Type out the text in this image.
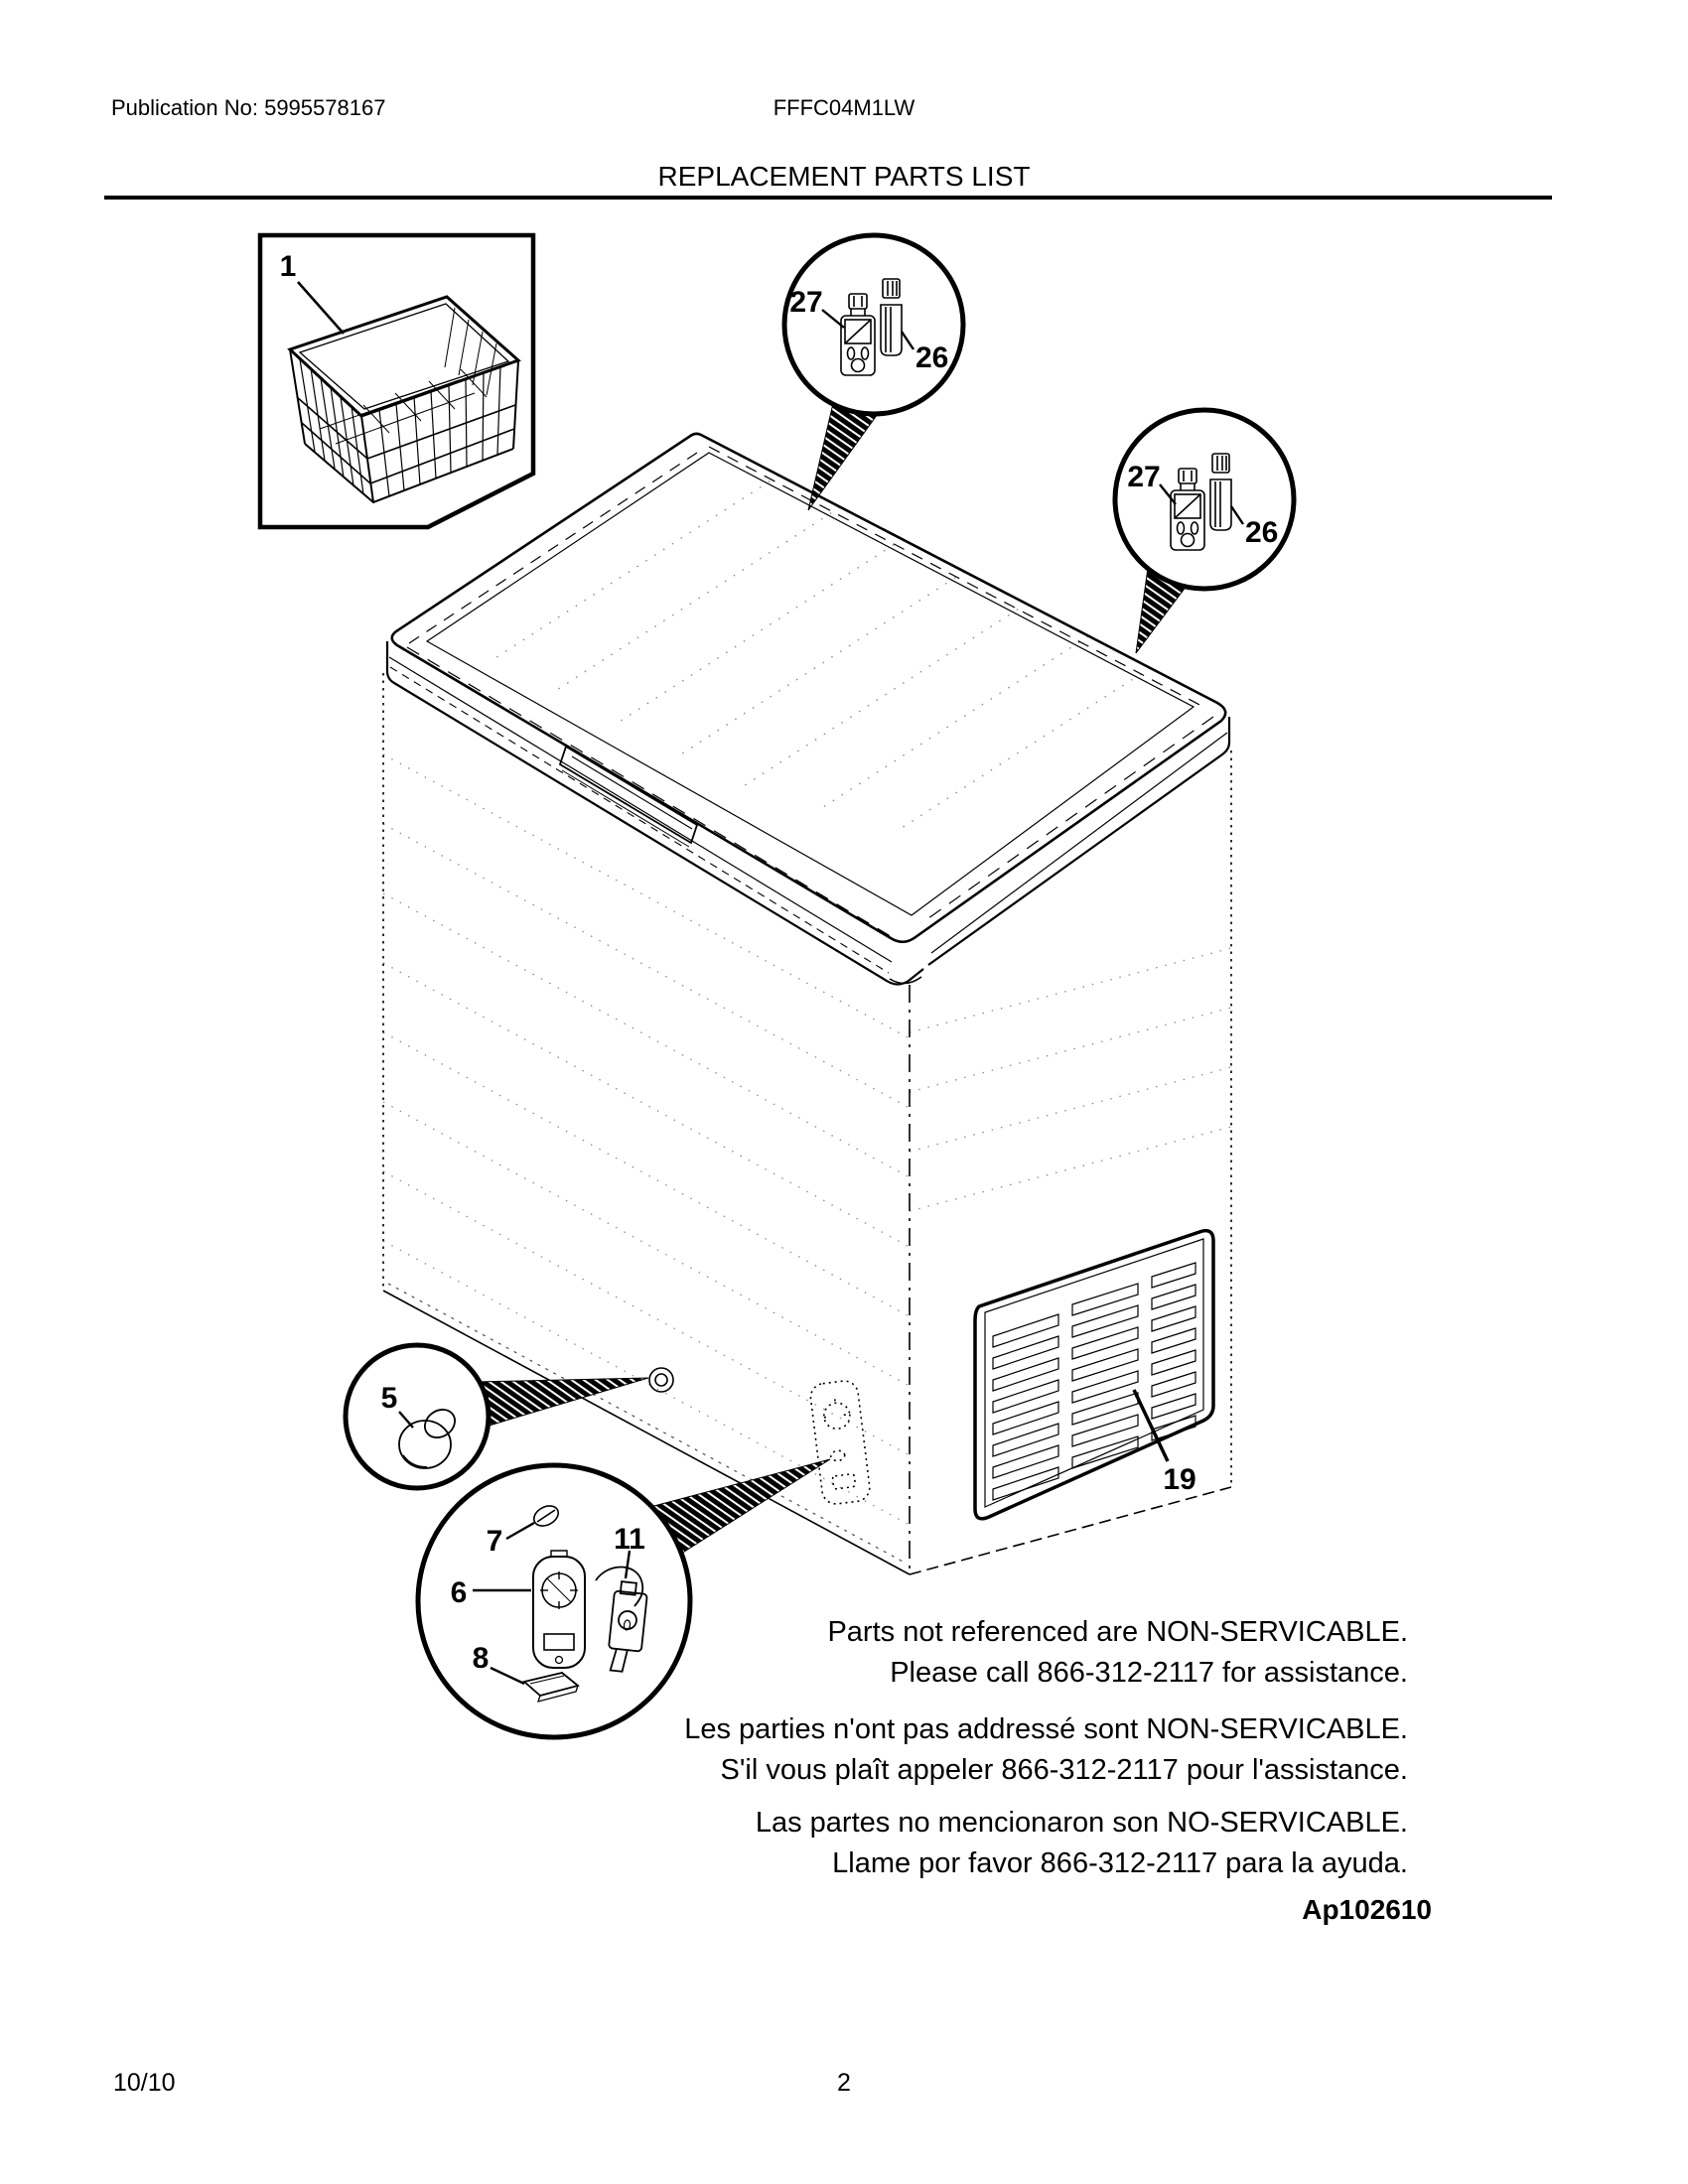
Publication No: 5995578167	FFFC04M1LW
REPLACEMENT PARTS LIST
19
27
26
27
26
5
7	11
6
8
1
Parts not referenced are NON-SERVICABLE.
Please call 866-312-2117 for assistance.
Les parties n'ont pas addressé sont NON-SERVICABLE.
S'il vous plaît appeler 866-312-2117 pour l'assistance.
Las partes no mencionaron son NO-SERVICABLE.
Llame por favor 866-312-2117 para la ayuda.
Ap102610
10/10	2
